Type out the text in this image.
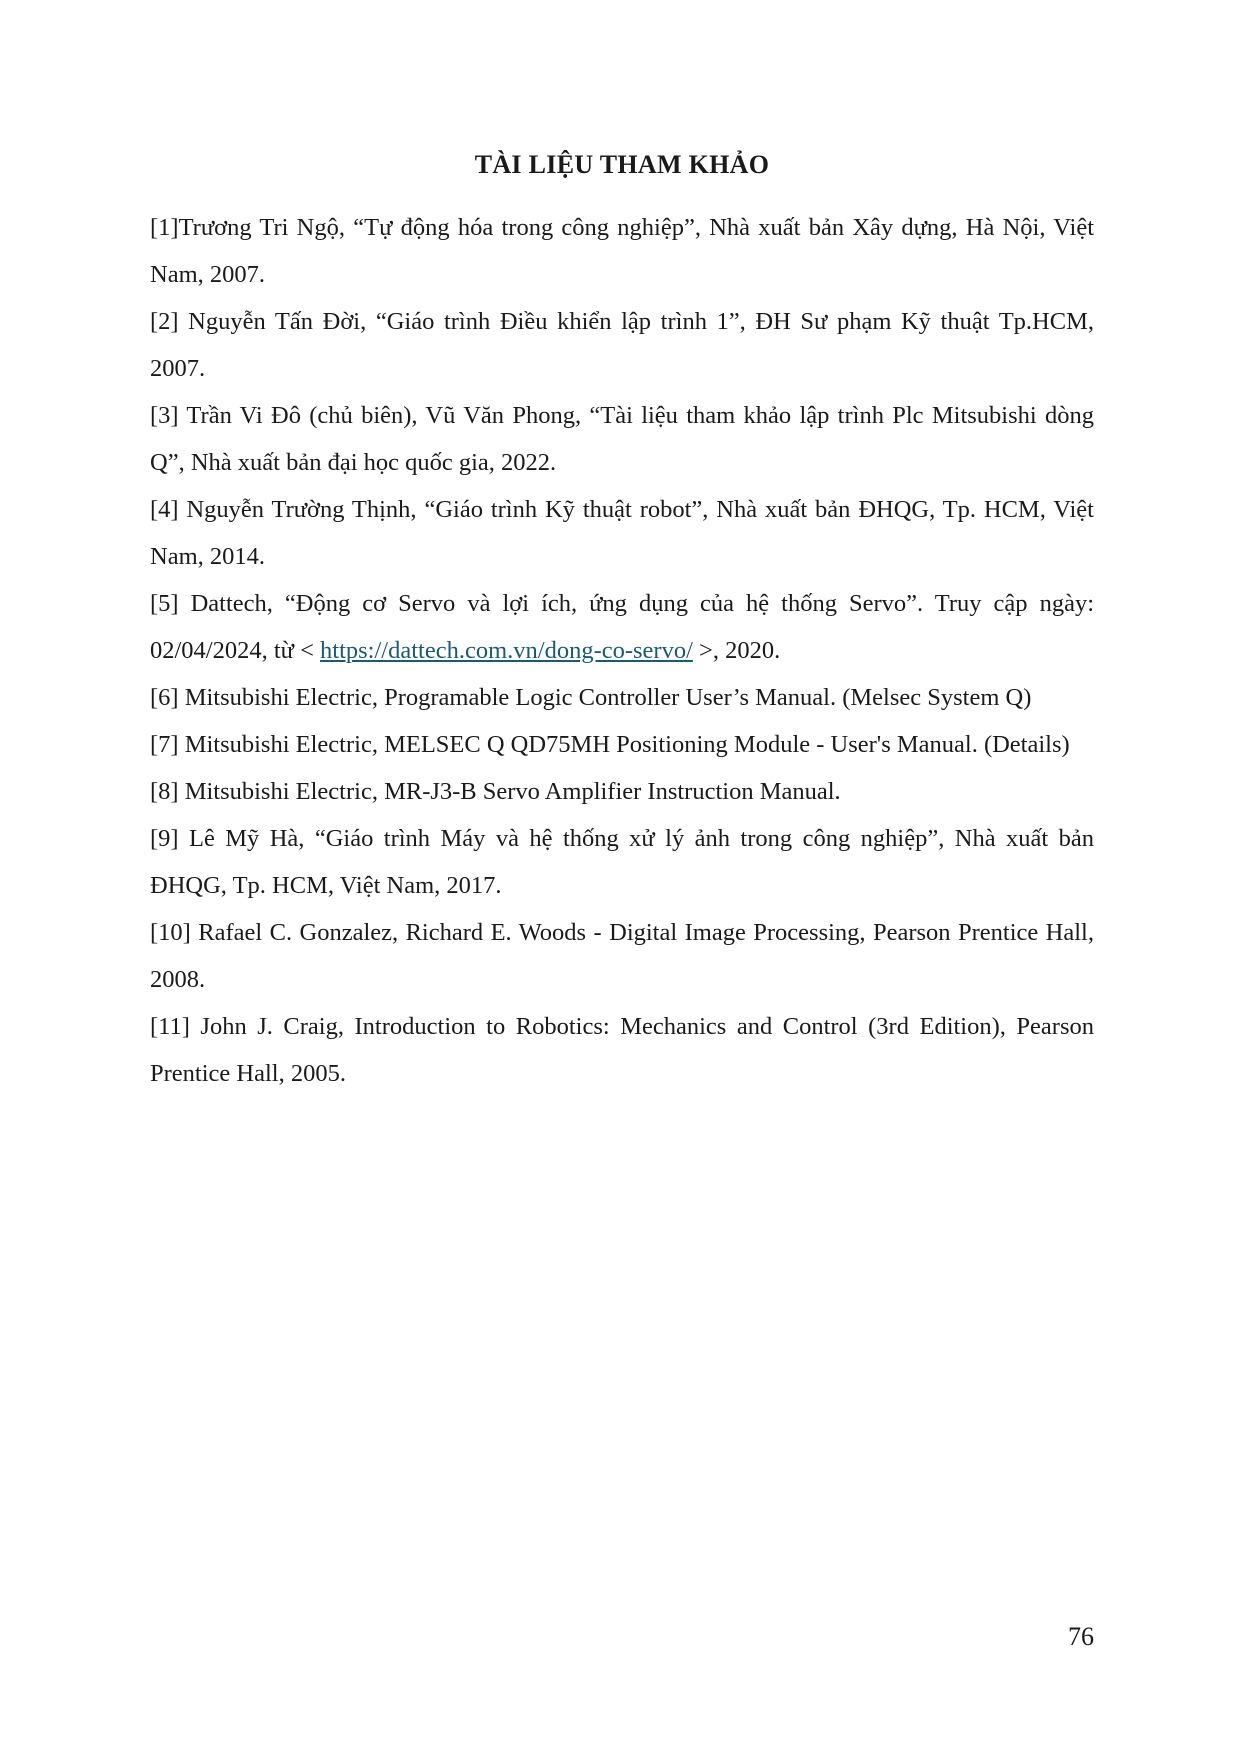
TÀI LIỆU THAM KHẢO
[1]Trương Tri Ngộ, “Tự động hóa trong công nghiệp”, Nhà xuất bản Xây dựng, Hà Nội, Việt Nam, 2007.
[2] Nguyễn Tấn Đời, “Giáo trình Điều khiển lập trình 1”, ĐH Sư phạm Kỹ thuật Tp.HCM, 2007.
[3] Trần Vi Đô (chủ biên), Vũ Văn Phong, “Tài liệu tham khảo lập trình Plc Mitsubishi dòng Q”, Nhà xuất bản đại học quốc gia, 2022.
[4] Nguyễn Trường Thịnh, “Giáo trình Kỹ thuật robot”, Nhà xuất bản ĐHQG, Tp. HCM, Việt Nam, 2014.
[5] Dattech, “Động cơ Servo và lợi ích, ứng dụng của hệ thống Servo”. Truy cập ngày: 02/04/2024, từ < https://dattech.com.vn/dong-co-servo/ >, 2020.
[6] Mitsubishi Electric, Programable Logic Controller User’s Manual. (Melsec System Q)
[7] Mitsubishi Electric, MELSEC Q QD75MH Positioning Module - User's Manual. (Details)
[8] Mitsubishi Electric, MR-J3-B Servo Amplifier Instruction Manual.
[9] Lê Mỹ Hà, “Giáo trình Máy và hệ thống xử lý ảnh trong công nghiệp”, Nhà xuất bản ĐHQG, Tp. HCM, Việt Nam, 2017.
[10] Rafael C. Gonzalez, Richard E. Woods - Digital Image Processing, Pearson Prentice Hall, 2008.
[11] John J. Craig, Introduction to Robotics: Mechanics and Control (3rd Edition), Pearson Prentice Hall, 2005.
76
